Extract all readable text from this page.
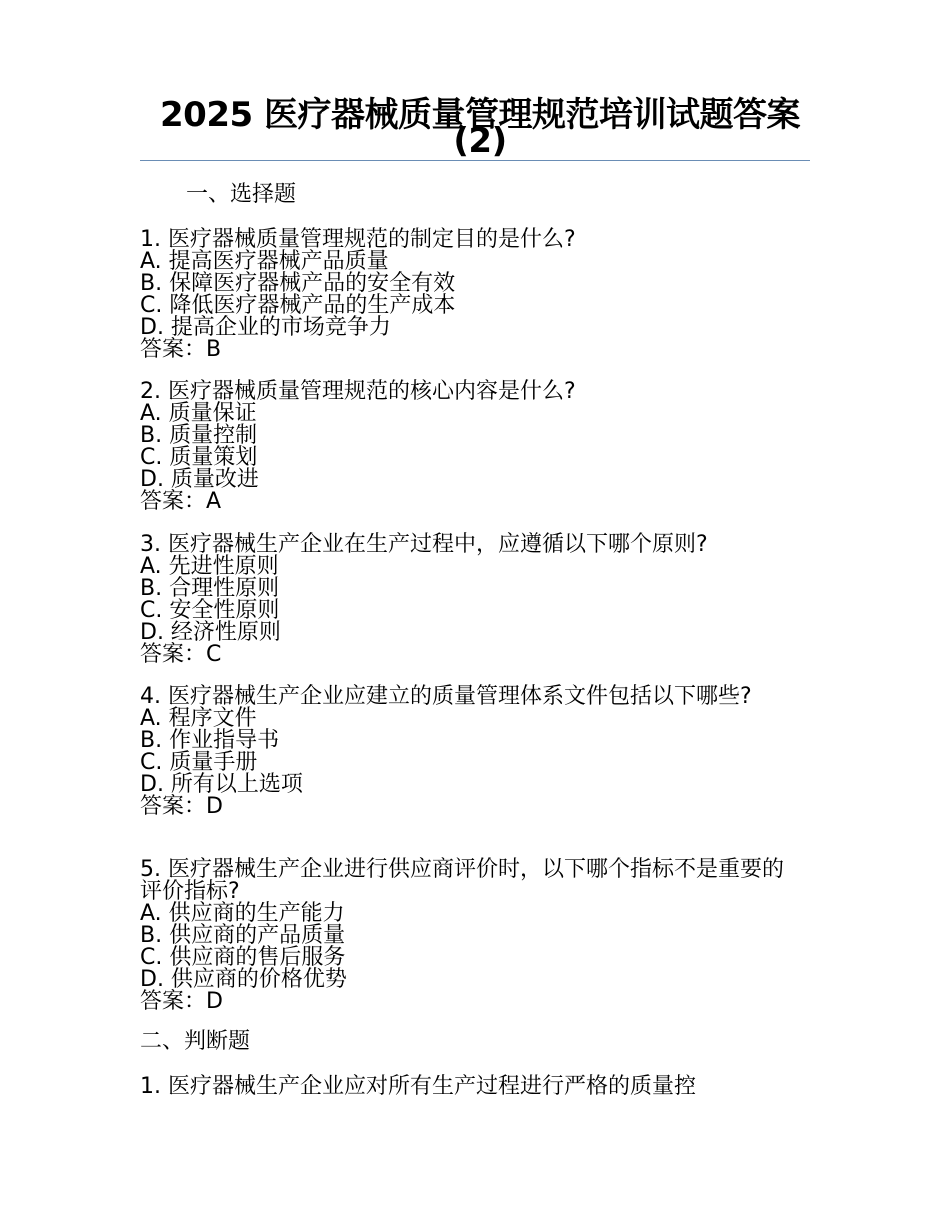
2025 医疗器械质量管理规范培训试题答案(2)
一、选择题
1. 医疗器械质量管理规范的制定目的是什么?
A. 提高医疗器械产品质量
B. 保障医疗器械产品的安全有效
C. 降低医疗器械产品的生产成本
D. 提高企业的市场竞争力
答案：B
2. 医疗器械质量管理规范的核心内容是什么?
A. 质量保证
B. 质量控制
C. 质量策划
D. 质量改进
答案：A
3. 医疗器械生产企业在生产过程中，应遵循以下哪个原则?
A. 先进性原则
B. 合理性原则
C. 安全性原则
D. 经济性原则
答案：C
4. 医疗器械生产企业应建立的质量管理体系文件包括以下哪些?
A. 程序文件
B. 作业指导书
C. 质量手册
D. 所有以上选项
答案：D
5. 医疗器械生产企业进行供应商评价时，以下哪个指标不是重要的评价指标?
A. 供应商的生产能力
B. 供应商的产品质量
C. 供应商的售后服务
D. 供应商的价格优势
答案：D
二、判断题
1. 医疗器械生产企业应对所有生产过程进行严格的质量控
